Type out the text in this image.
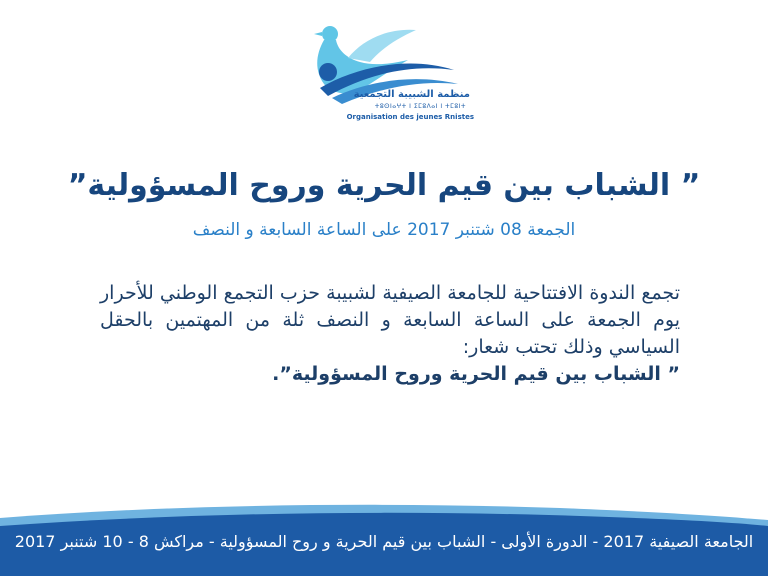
منظمة الشبيبة التجمعية
ⵜⵓⵙⵏⴰⵖⵜ ⵏ ⵉⵎⵓⴷⴰⵏ ⵏ ⵜⵎⵓⵏⵜ
Organisation des jeunes Rnistes
” الشباب بين قيم الحرية وروح المسؤولية”
الجمعة 08 شتنبر 2017 على الساعة السابعة و النصف

تجمع الندوة الافتتاحية للجامعة الصيفية لشبيبة حزب التجمع الوطني للأحرار يوم الجمعة على الساعة السابعة و النصف ثلة من المهتمين بالحقل السياسي وذلك تحتب شعار:

” الشباب بين قيم الحرية وروح المسؤولية”.

الجامعة الصيفية 2017 - الدورة الأولى - الشباب بين قيم الحرية و روح المسؤولية - مراكش 8 - 10 شتنبر 2017
